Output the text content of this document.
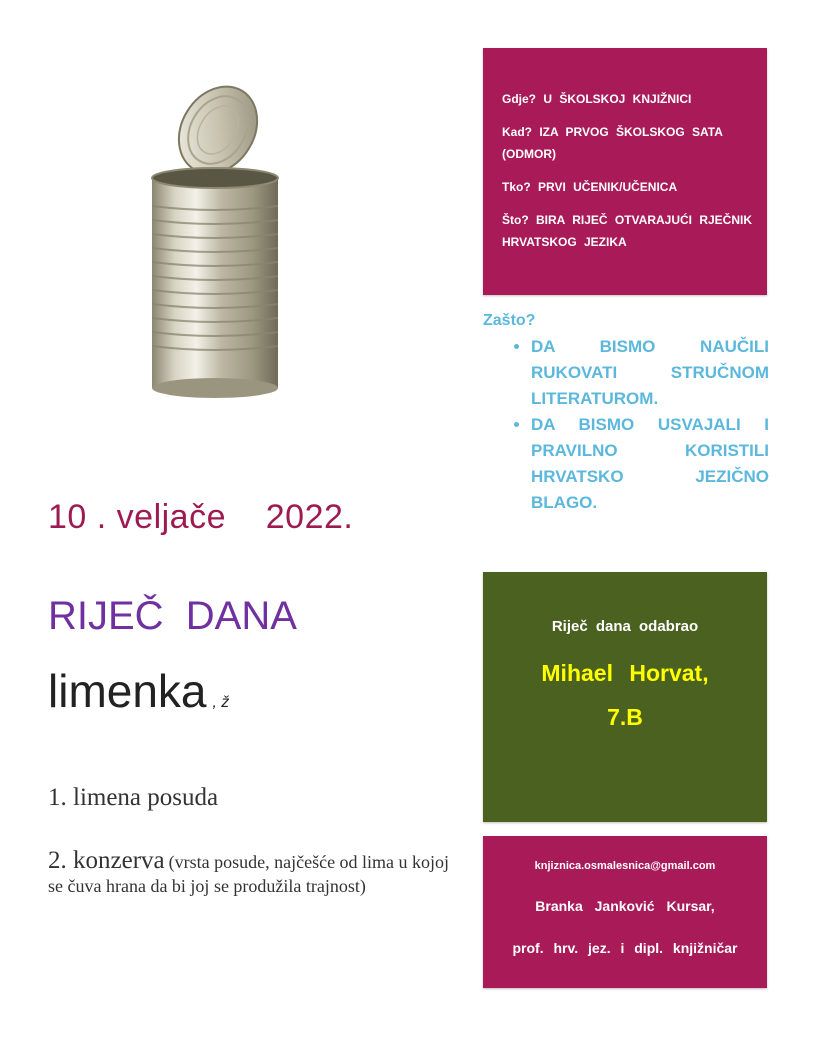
10 . veljače    2022.
RIJEČ  DANA
limenka , ž
1. limena posuda
2. konzerva (vrsta posude, najčešće od lima u kojoj se čuva hrana da bi joj se produžila trajnost)

Gdje? U ŠKOLSKOJ KNJIŽNICI

Kad? IZA PRVOG ŠKOLSKOG SATA (ODMOR)

Tko? PRVI UČENIK/UČENICA

Što? BIRA RIJEČ OTVARAJUĆI RJEČNIK HRVATSKOG JEZIKA

Zašto?

• DA BISMO NAUČILI RUKOVATI STRUČNOM LITERATUROM.
• DA BISMO USVAJALI I PRAVILNO KORISTILI HRVATSKO JEZIČNO BLAGO.
Riječ dana odabrao
Mihael Horvat,
7.B
knjiznica.osmalesnica@gmail.com
Branka Janković Kursar,
prof. hrv. jez. i dipl. knjižničar
